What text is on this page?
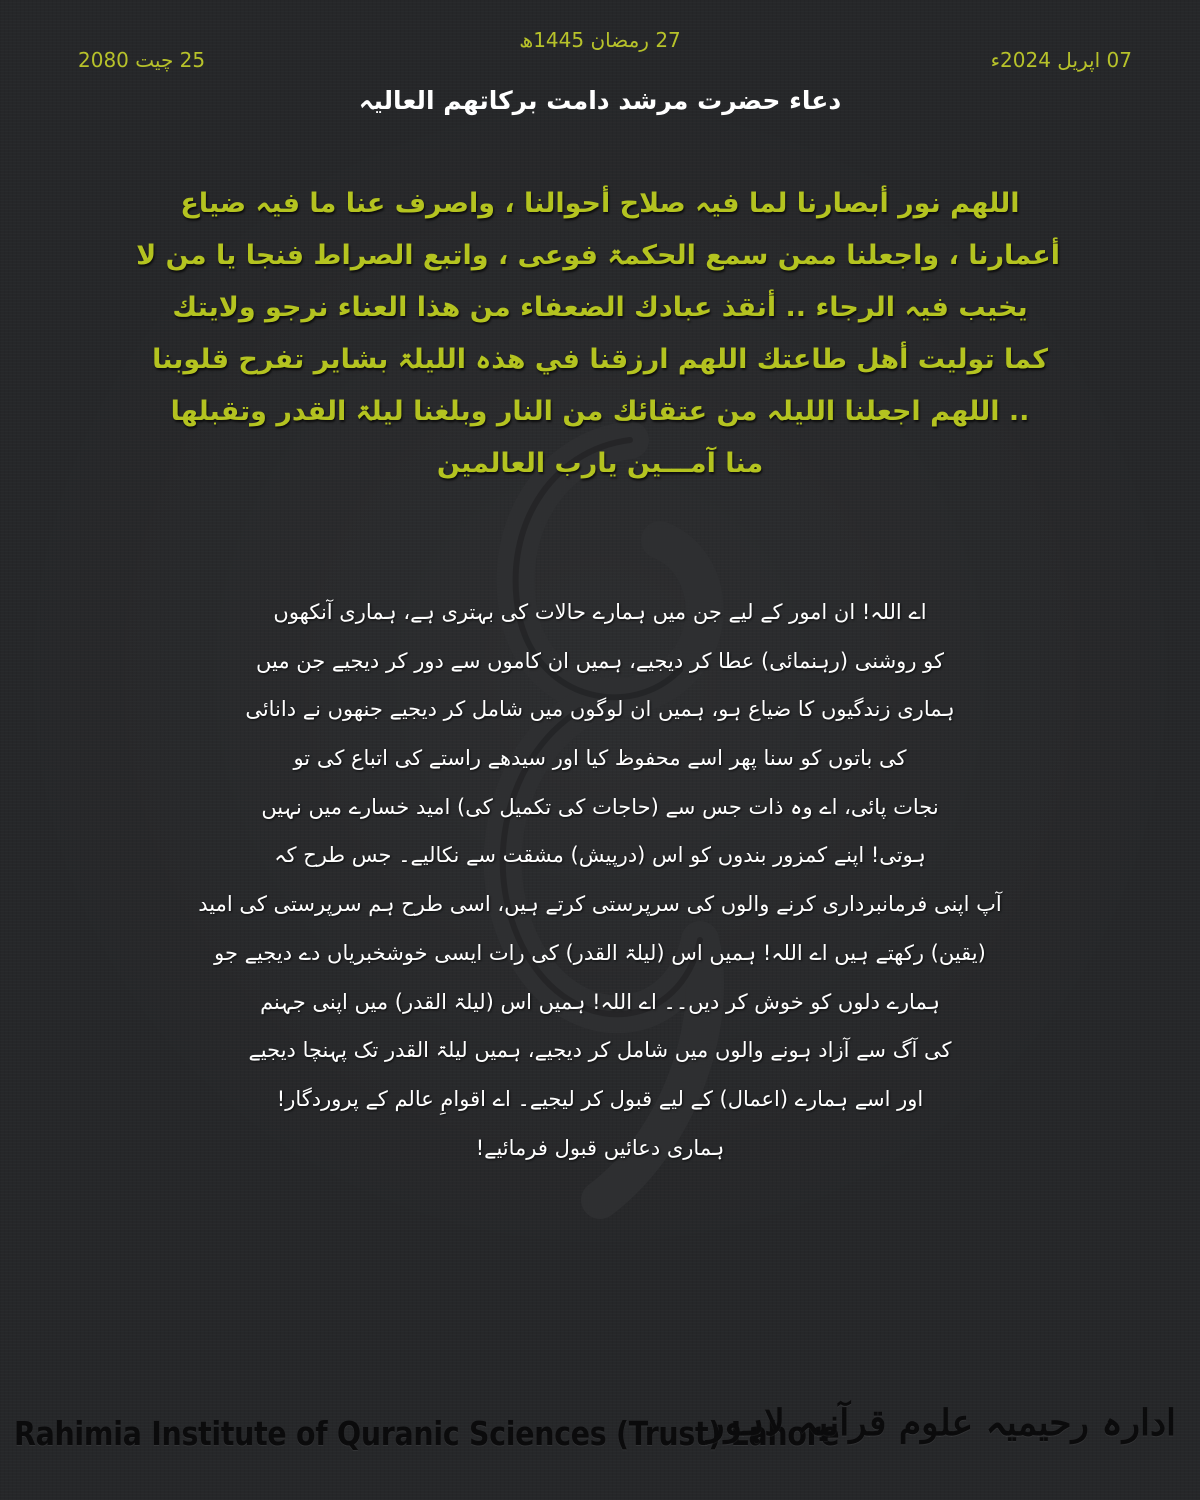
27 رمضان 1445ھ
07 اپریل 2024ء
25 چیت 2080
دعاء حضرت مرشد دامت برکاتھم العالیہ
اللھم نور أبصارنا لما فیہ صلاح أحوالنا ، واصرف عنا ما فیہ ضیاع
أعمارنا ، واجعلنا ممن سمع الحکمۃ فوعی ، واتبع الصراط فنجا یا من لا
یخیب فیہ الرجاء .. أنقذ عبادك الضعفاء من ھذا العناء نرجو ولایتك
کما تولیت أھل طاعتك اللھم ارزقنا في ھذہ اللیلۃ بشایر تفرح قلوبنا
.. اللھم اجعلنا اللیلہ من عتقائك من النار وبلغنا لیلۃ القدر وتقبلھا
منا آمـــین یارب العالمین
اے اللہ! ان امور کے لیے جن میں ہمارے حالات کی بہتری ہے، ہماری آنکھوں
کو روشنی (رہنمائی) عطا کر دیجیے، ہمیں ان کاموں سے دور کر دیجیے جن میں
ہماری زندگیوں کا ضیاع ہو، ہمیں ان لوگوں میں شامل کر دیجیے جنھوں نے دانائی
کی باتوں کو سنا پھر اسے محفوظ کیا اور سیدھے راستے کی اتباع کی تو
نجات پائی، اے وہ ذات جس سے (حاجات کی تکمیل کی) امید خسارے میں نہیں
ہوتی! اپنے کمزور بندوں کو اس (درپیش) مشقت سے نکالیے۔ جس طرح کہ
آپ اپنی فرمانبرداری کرنے والوں کی سرپرستی کرتے ہیں، اسی طرح ہم سرپرستی کی امید
(یقین) رکھتے ہیں اے اللہ! ہمیں اس (لیلۃ القدر) کی رات ایسی خوشخبریاں دے دیجیے جو
ہمارے دلوں کو خوش کر دیں۔۔ اے اللہ! ہمیں اس (لیلۃ القدر) میں اپنی جہنم
کی آگ سے آزاد ہونے والوں میں شامل کر دیجیے، ہمیں لیلۃ القدر تک پہنچا دیجیے
اور اسے ہمارے (اعمال) کے لیے قبول کر لیجیے۔ اے اقوامِ عالم کے پروردگار!
ہماری دعائیں قبول فرمائیے!
Rahimia Institute of Quranic Sciences (Trust) Lahore
ادارہ رحیمیہ علوم قرآنیہ لاہور
